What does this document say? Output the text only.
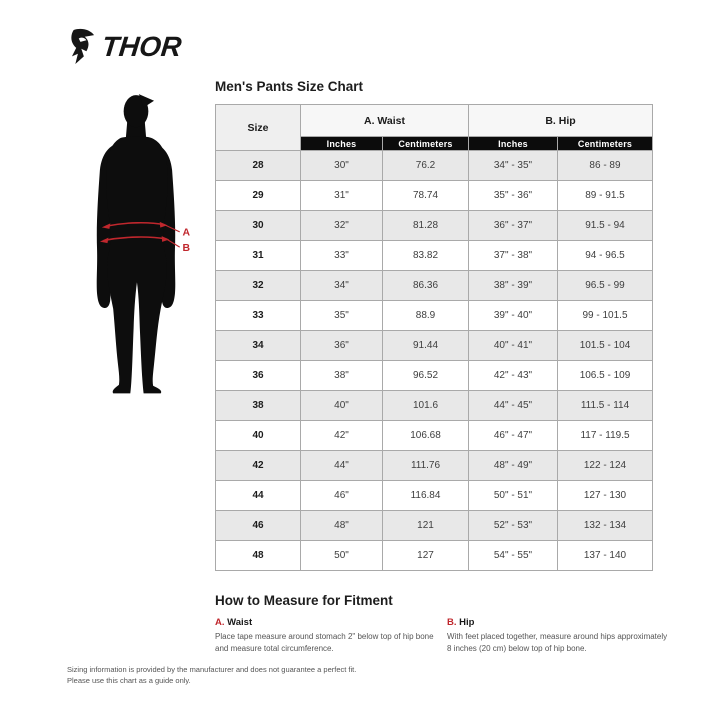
THOR
Men's Pants Size Chart
A
B
Size	A. Waist		B. Hip	
	Inches	Centimeters	Inches	Centimeters
28	30"	76.2	34" - 35"	86 - 89
29	31"	78.74	35" - 36"	89 - 91.5
30	32"	81.28	36" - 37"	91.5 - 94
31	33"	83.82	37" - 38"	94 - 96.5
32	34"	86.36	38" - 39"	96.5 - 99
33	35"	88.9	39" - 40"	99 - 101.5
34	36"	91.44	40" - 41"	101.5 - 104
36	38"	96.52	42" - 43"	106.5 - 109
38	40"	101.6	44" - 45"	111.5 - 114
40	42"	106.68	46" - 47"	117 - 119.5
42	44"	111.76	48" - 49"	122 - 124
44	46"	116.84	50" - 51"	127 - 130
46	48"	121	52" - 53"	132 - 134
48	50"	127	54" - 55"	137 - 140
How to Measure for Fitment
A. Waist

Place tape measure around stomach 2" below top of hip bone and measure total circumference.

B. Hip

With feet placed together, measure around hips approximately 8 inches (20 cm) below top of hip bone.

Sizing information is provided by the manufacturer and does not guarantee a perfect fit. Please use this chart as a guide only.
